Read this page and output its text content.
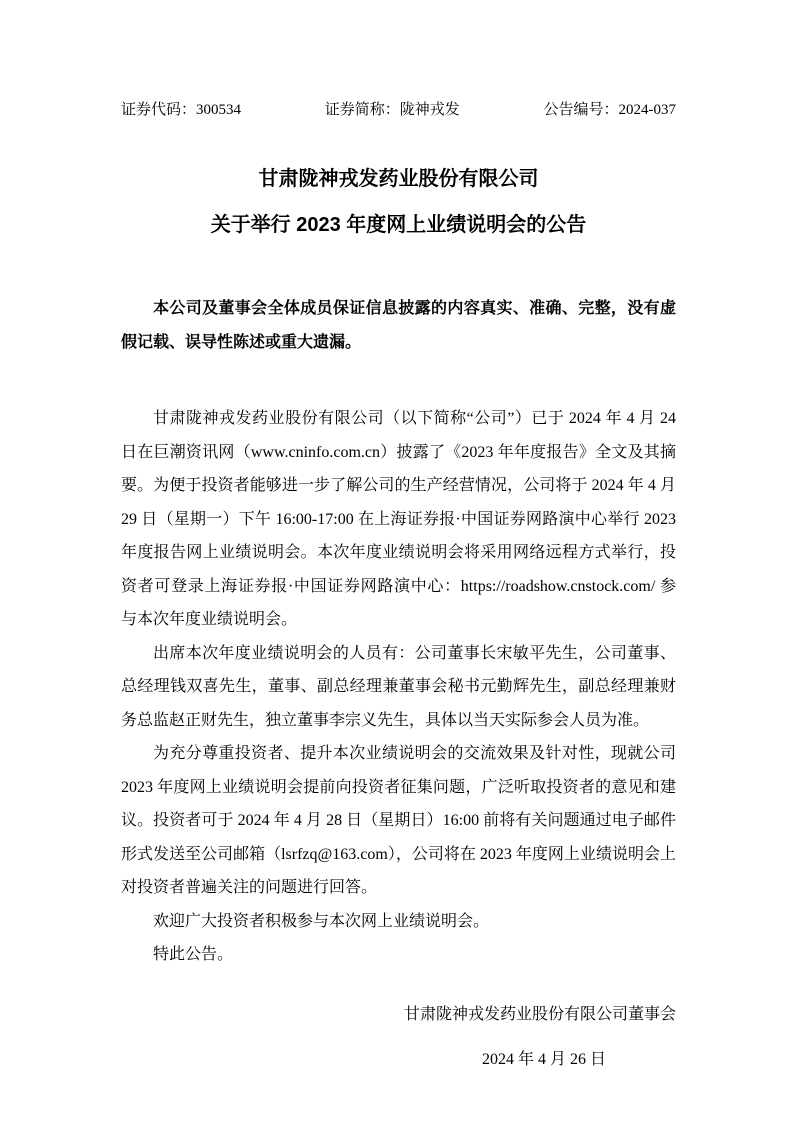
证券代码：300534	证券简称：陇神戎发	公告编号：2024-037
甘肃陇神戎发药业股份有限公司
关于举行 2023 年度网上业绩说明会的公告

本公司及董事会全体成员保证信息披露的内容真实、准确、完整，没有虚假记载、误导性陈述或重大遗漏。

甘肃陇神戎发药业股份有限公司（以下简称“公司”）已于 2024 年 4 月 24 日在巨潮资讯网（www.cninfo.com.cn）披露了《2023 年年度报告》全文及其摘要。为便于投资者能够进一步了解公司的生产经营情况，公司将于 2024 年 4 月 29 日（星期一）下午 16:00-17:00 在上海证券报·中国证券网路演中心举行 2023 年度报告网上业绩说明会。本次年度业绩说明会将采用网络远程方式举行，投资者可登录上海证券报·中国证券网路演中心：https://roadshow.cnstock.com/ 参与本次年度业绩说明会。

出席本次年度业绩说明会的人员有：公司董事长宋敏平先生，公司董事、总经理钱双喜先生，董事、副总经理兼董事会秘书元勤辉先生，副总经理兼财务总监赵正财先生，独立董事李宗义先生，具体以当天实际参会人员为准。

为充分尊重投资者、提升本次业绩说明会的交流效果及针对性，现就公司 2023 年度网上业绩说明会提前向投资者征集问题，广泛听取投资者的意见和建议。投资者可于 2024 年 4 月 28 日（星期日）16:00 前将有关问题通过电子邮件形式发送至公司邮箱（lsrfzq@163.com），公司将在 2023 年度网上业绩说明会上对投资者普遍关注的问题进行回答。

欢迎广大投资者积极参与本次网上业绩说明会。

特此公告。

甘肃陇神戎发药业股份有限公司董事会
2024 年 4 月 26 日
